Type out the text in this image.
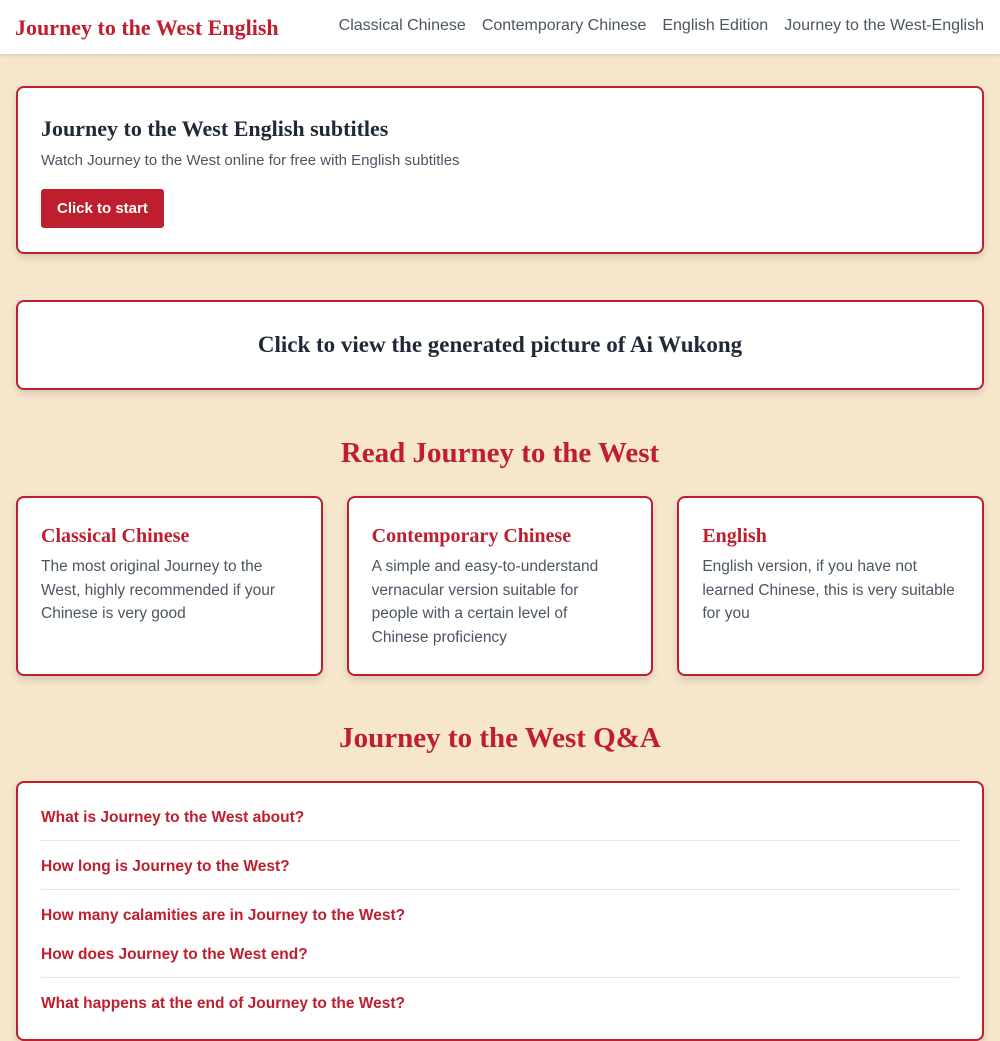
Journey to the West English	Classical Chinese Contemporary Chinese English Edition Journey to the West-English
Journey to the West English subtitles
Watch Journey to the West online for free with English subtitles
Click to start
Click to view the generated picture of Ai Wukong
Read Journey to the West
Classical Chinese
The most original Journey to the West, highly recommended if your Chinese is very good
Contemporary Chinese
A simple and easy-to-understand vernacular version suitable for people with a certain level of Chinese proficiency
English
English version, if you have not learned Chinese, this is very suitable for you
Journey to the West Q&A
What is Journey to the West about?
How long is Journey to the West?
How many calamities are in Journey to the West?
How does Journey to the West end?
What happens at the end of Journey to the West?
